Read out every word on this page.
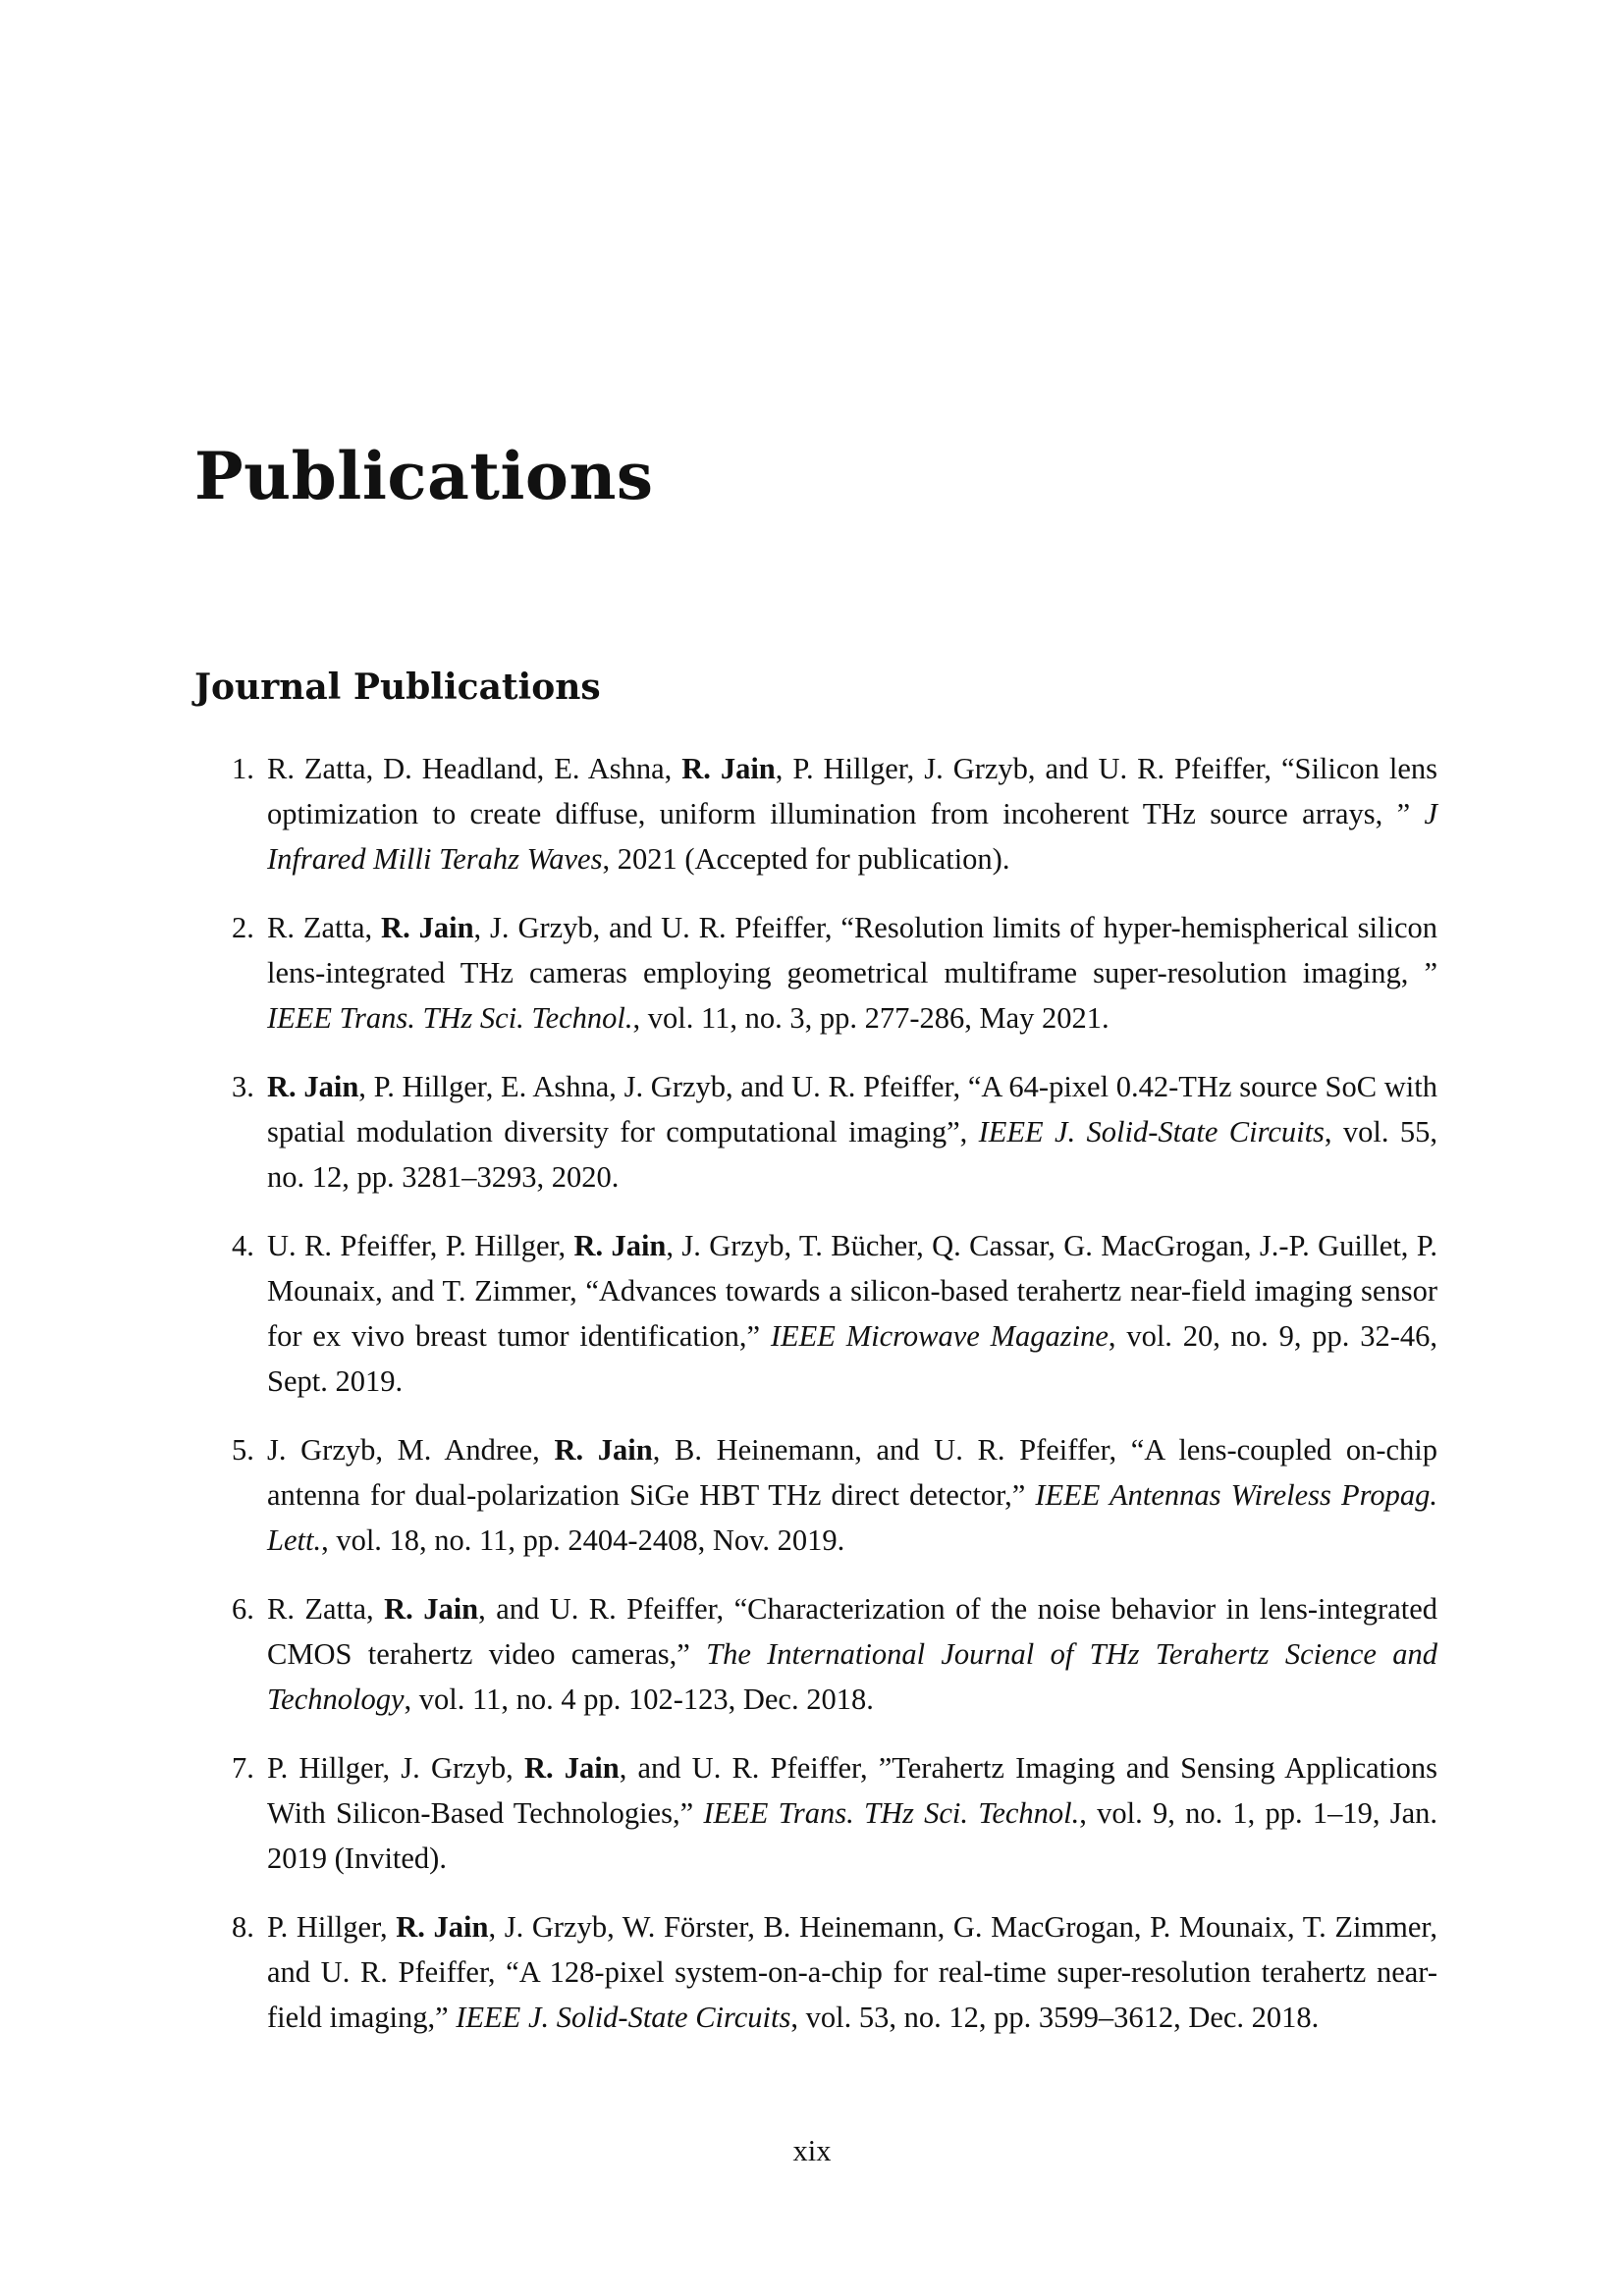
Publications
Journal Publications
1. R. Zatta, D. Headland, E. Ashna, R. Jain, P. Hillger, J. Grzyb, and U. R. Pfeiffer, “Silicon lens optimization to create diffuse, uniform illumination from incoherent THz source arrays, ” J Infrared Milli Terahz Waves, 2021 (Accepted for publication).
2. R. Zatta, R. Jain, J. Grzyb, and U. R. Pfeiffer, “Resolution limits of hyper-hemispherical silicon lens-integrated THz cameras employing geometrical multiframe super-resolution imaging, ” IEEE Trans. THz Sci. Technol., vol. 11, no. 3, pp. 277-286, May 2021.
3. R. Jain, P. Hillger, E. Ashna, J. Grzyb, and U. R. Pfeiffer, “A 64-pixel 0.42-THz source SoC with spatial modulation diversity for computational imaging”, IEEE J. Solid-State Circuits, vol. 55, no. 12, pp. 3281–3293, 2020.
4. U. R. Pfeiffer, P. Hillger, R. Jain, J. Grzyb, T. Bücher, Q. Cassar, G. MacGrogan, J.-P. Guillet, P. Mounaix, and T. Zimmer, “Advances towards a silicon-based terahertz near-field imaging sensor for ex vivo breast tumor identification,” IEEE Microwave Magazine, vol. 20, no. 9, pp. 32-46, Sept. 2019.
5. J. Grzyb, M. Andree, R. Jain, B. Heinemann, and U. R. Pfeiffer, “A lens-coupled on-chip antenna for dual-polarization SiGe HBT THz direct detector,” IEEE Antennas Wireless Propag. Lett., vol. 18, no. 11, pp. 2404-2408, Nov. 2019.
6. R. Zatta, R. Jain, and U. R. Pfeiffer, “Characterization of the noise behavior in lens-integrated CMOS terahertz video cameras,” The International Journal of THz Terahertz Science and Technology, vol. 11, no. 4 pp. 102-123, Dec. 2018.
7. P. Hillger, J. Grzyb, R. Jain, and U. R. Pfeiffer, ”Terahertz Imaging and Sensing Applications With Silicon-Based Technologies,” IEEE Trans. THz Sci. Technol., vol. 9, no. 1, pp. 1–19, Jan. 2019 (Invited).
8. P. Hillger, R. Jain, J. Grzyb, W. Förster, B. Heinemann, G. MacGrogan, P. Mounaix, T. Zimmer, and U. R. Pfeiffer, “A 128-pixel system-on-a-chip for real-time super-resolution terahertz near-field imaging,” IEEE J. Solid-State Circuits, vol. 53, no. 12, pp. 3599–3612, Dec. 2018.
xix
